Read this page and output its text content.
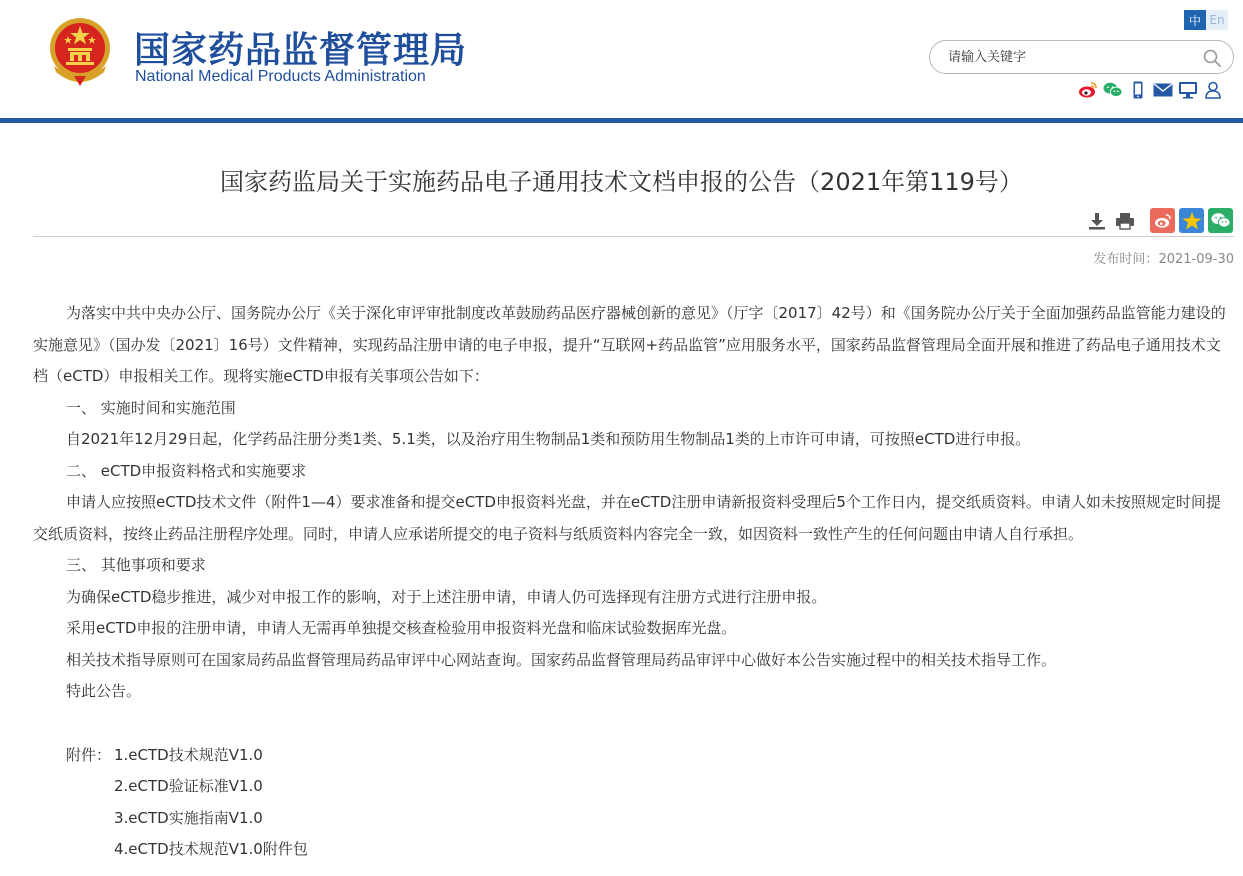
国家药品监督管理局
National Medical Products Administration
中 En
请输入关键字
国家药监局关于实施药品电子通用技术文档申报的公告（2021年第119号）
发布时间：2021-09-30

为落实中共中央办公厅、国务院办公厅《关于深化审评审批制度改革鼓励药品医疗器械创新的意见》（厅字〔2017〕42号）和《国务院办公厅关于全面加强药品监管能力建设的实施意见》（国办发〔2021〕16号）文件精神，实现药品注册申请的电子申报，提升“互联网+药品监管”应用服务水平，国家药品监督管理局全面开展和推进了药品电子通用技术文档（eCTD）申报相关工作。现将实施eCTD申报有关事项公告如下：

一、 实施时间和实施范围

自2021年12月29日起，化学药品注册分类1类、5.1类，以及治疗用生物制品1类和预防用生物制品1类的上市许可申请，可按照eCTD进行申报。

二、 eCTD申报资料格式和实施要求

申请人应按照eCTD技术文件（附件1—4）要求准备和提交eCTD申报资料光盘，并在eCTD注册申请新报资料受理后5个工作日内，提交纸质资料。申请人如未按照规定时间提交纸质资料，按终止药品注册程序处理。同时，申请人应承诺所提交的电子资料与纸质资料内容完全一致，如因资料一致性产生的任何问题由申请人自行承担。

三、 其他事项和要求

为确保eCTD稳步推进，减少对申报工作的影响，对于上述注册申请，申请人仍可选择现有注册方式进行注册申报。

采用eCTD申报的注册申请，申请人无需再单独提交核查检验用申报资料光盘和临床试验数据库光盘。

相关技术指导原则可在国家局药品监督管理局药品审评中心网站查询。国家药品监督管理局药品审评中心做好本公告实施过程中的相关技术指导工作。

特此公告。

附件： 1.eCTD技术规范V1.0

2.eCTD验证标准V1.0

3.eCTD实施指南V1.0

4.eCTD技术规范V1.0附件包
